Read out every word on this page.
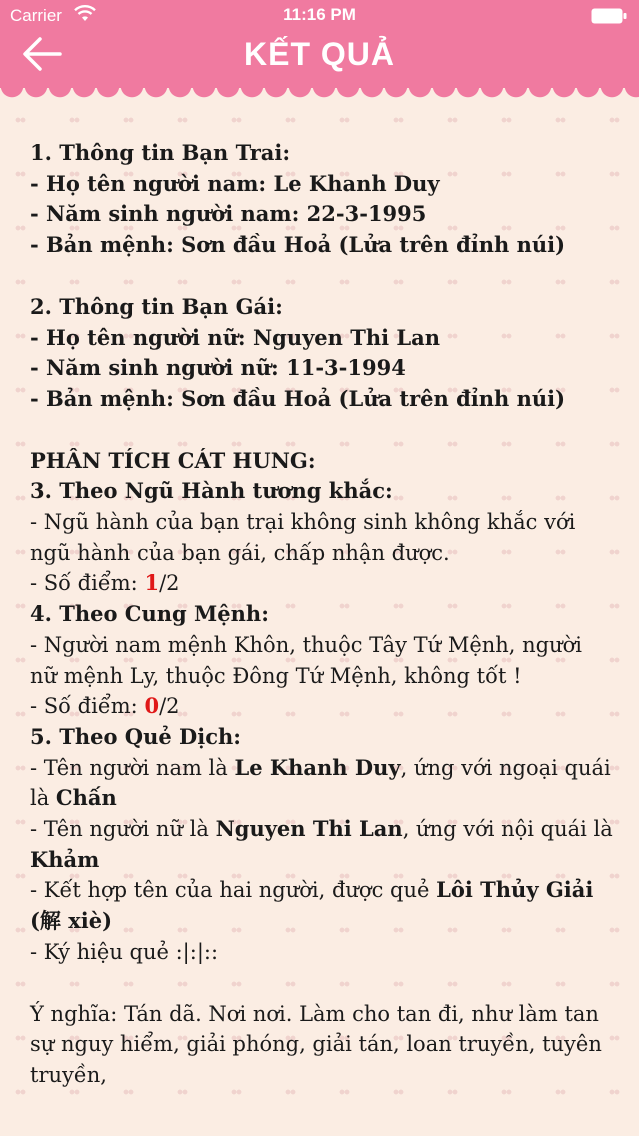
Carrier	11:16 PM
KẾT QUẢ

1. Thông tin Bạn Trai:

- Họ tên người nam: Le Khanh Duy

- Năm sinh người nam: 22-3-1995

- Bản mệnh: Sơn đầu Hoả (Lửa trên đỉnh núi)

2. Thông tin Bạn Gái:

- Họ tên người nữ: Nguyen Thi Lan

- Năm sinh người nữ: 11-3-1994

- Bản mệnh: Sơn đầu Hoả (Lửa trên đỉnh núi)

PHÂN TÍCH CÁT HUNG:

3. Theo Ngũ Hành tương khắc:

- Ngũ hành của bạn trại không sinh không khắc với ngũ hành của bạn gái, chấp nhận được.

- Số điểm: 1/2

4. Theo Cung Mệnh:

- Người nam mệnh Khôn, thuộc Tây Tứ Mệnh, người nữ mệnh Ly, thuộc Đông Tứ Mệnh, không tốt !

- Số điểm: 0/2

5. Theo Quẻ Dịch:

- Tên người nam là Le Khanh Duy, ứng với ngoại quái là Chấn

- Tên người nữ là Nguyen Thi Lan, ứng với nội quái là Khảm

- Kết hợp tên của hai người, được quẻ Lôi Thủy Giải (解 xiè)

- Ký hiệu quẻ :|:|::

Ý nghĩa: Tán dã. Nơi nơi. Làm cho tan đi, như làm tan sự nguy hiểm, giải phóng, giải tán, loan truyền, tuyên truyền,
